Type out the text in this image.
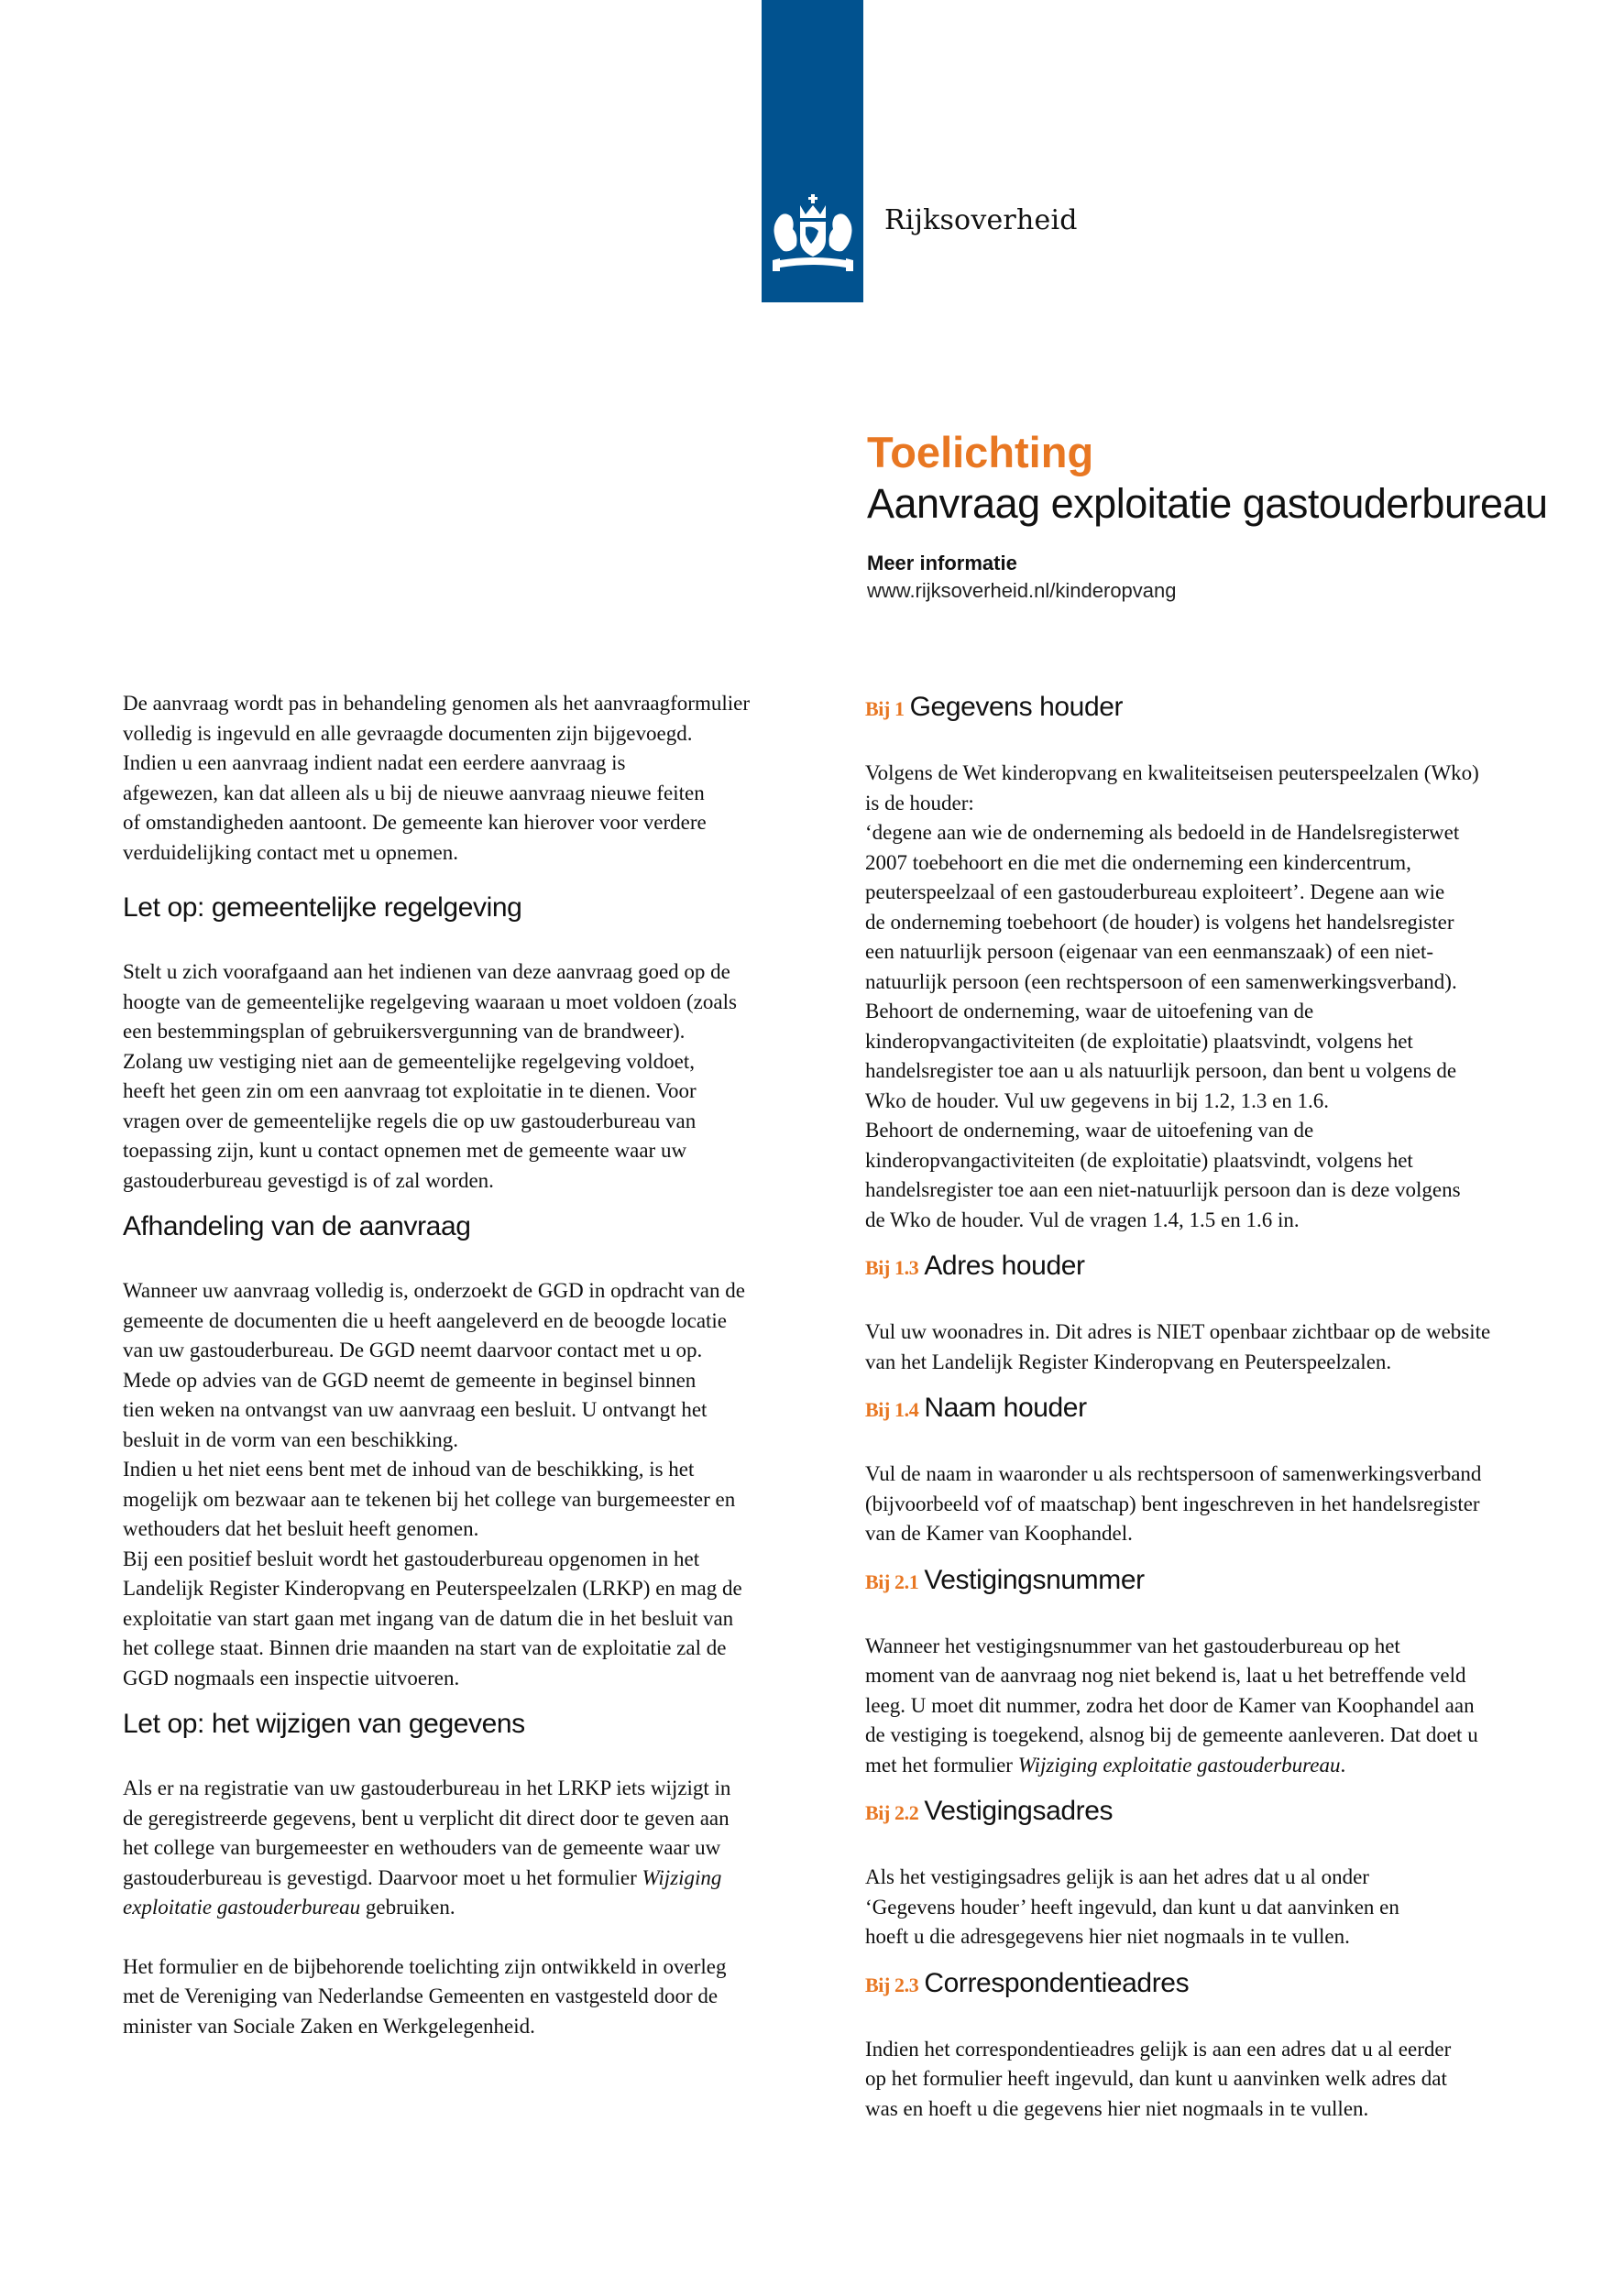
Rijksoverheid
Toelichting
Aanvraag exploitatie gastouderbureau
Meer informatie
www.rijksoverheid.nl/kinderopvang

De aanvraag wordt pas in behandeling genomen als het aanvraagformulier
volledig is ingevuld en alle gevraagde documenten zijn bijgevoegd.
Indien u een aanvraag indient nadat een eerdere aanvraag is
afgewezen, kan dat alleen als u bij de nieuwe aanvraag nieuwe feiten
of omstandigheden aantoont. De gemeente kan hierover voor verdere
verduidelijking contact met u opnemen.

Let op: gemeentelijke regelgeving

Stelt u zich voorafgaand aan het indienen van deze aanvraag goed op de
hoogte van de gemeentelijke regelgeving waaraan u moet voldoen (zoals
een bestemmingsplan of gebruikersvergunning van de brandweer).
Zolang uw vestiging niet aan de gemeentelijke regelgeving voldoet,
heeft het geen zin om een aanvraag tot exploitatie in te dienen. Voor
vragen over de gemeentelijke regels die op uw gastouderbureau van
toepassing zijn, kunt u contact opnemen met de gemeente waar uw
gastouderbureau gevestigd is of zal worden.

Afhandeling van de aanvraag

Wanneer uw aanvraag volledig is, onderzoekt de GGD in opdracht van de
gemeente de documenten die u heeft aangeleverd en de beoogde locatie
van uw gastouderbureau. De GGD neemt daarvoor contact met u op.
Mede op advies van de GGD neemt de gemeente in beginsel binnen
tien weken na ontvangst van uw aanvraag een besluit. U ontvangt het
besluit in de vorm van een beschikking.
Indien u het niet eens bent met de inhoud van de beschikking, is het
mogelijk om bezwaar aan te tekenen bij het college van burgemeester en
wethouders dat het besluit heeft genomen.
Bij een positief besluit wordt het gastouderbureau opgenomen in het
Landelijk Register Kinderopvang en Peuterspeelzalen (LRKP) en mag de
exploitatie van start gaan met ingang van de datum die in het besluit van
het college staat. Binnen drie maanden na start van de exploitatie zal de
GGD nogmaals een inspectie uitvoeren.

Let op: het wijzigen van gegevens

Als er na registratie van uw gastouderbureau in het LRKP iets wijzigt in
de geregistreerde gegevens, bent u verplicht dit direct door te geven aan
het college van burgemeester en wethouders van de gemeente waar uw
gastouderbureau is gevestigd. Daarvoor moet u het formulier Wijziging
exploitatie gastouderbureau gebruiken.

Het formulier en de bijbehorende toelichting zijn ontwikkeld in overleg
met de Vereniging van Nederlandse Gemeenten en vastgesteld door de
minister van Sociale Zaken en Werkgelegenheid.

Bij 1 Gegevens houder

Volgens de Wet kinderopvang en kwaliteitseisen peuterspeelzalen (Wko)
is de houder:
‘degene aan wie de onderneming als bedoeld in de Handelsregisterwet
2007 toebehoort en die met die onderneming een kindercentrum,
peuterspeelzaal of een gastouderbureau exploiteert’. Degene aan wie
de onderneming toebehoort (de houder) is volgens het handelsregister
een natuurlijk persoon (eigenaar van een eenmanszaak) of een niet-
natuurlijk persoon (een rechtspersoon of een samenwerkingsverband).
Behoort de onderneming, waar de uitoefening van de
kinderopvangactiviteiten (de exploitatie) plaatsvindt, volgens het
handelsregister toe aan u als natuurlijk persoon, dan bent u volgens de
Wko de houder. Vul uw gegevens in bij 1.2, 1.3 en 1.6.
Behoort de onderneming, waar de uitoefening van de
kinderopvangactiviteiten (de exploitatie) plaatsvindt, volgens het
handelsregister toe aan een niet-natuurlijk persoon dan is deze volgens
de Wko de houder. Vul de vragen 1.4, 1.5 en 1.6 in.

Bij 1.3 Adres houder

Vul uw woonadres in. Dit adres is NIET openbaar zichtbaar op de website
van het Landelijk Register Kinderopvang en Peuterspeelzalen.

Bij 1.4 Naam houder

Vul de naam in waaronder u als rechtspersoon of samenwerkingsverband
(bijvoorbeeld vof of maatschap) bent ingeschreven in het handelsregister
van de Kamer van Koophandel.

Bij 2.1 Vestigingsnummer

Wanneer het vestigingsnummer van het gastouderbureau op het
moment van de aanvraag nog niet bekend is, laat u het betreffende veld
leeg. U moet dit nummer, zodra het door de Kamer van Koophandel aan
de vestiging is toegekend, alsnog bij de gemeente aanleveren. Dat doet u
met het formulier Wijziging exploitatie gastouderbureau.

Bij 2.2 Vestigingsadres

Als het vestigingsadres gelijk is aan het adres dat u al onder
‘Gegevens houder’ heeft ingevuld, dan kunt u dat aanvinken en
hoeft u die adresgegevens hier niet nogmaals in te vullen.

Bij 2.3 Correspondentieadres

Indien het correspondentieadres gelijk is aan een adres dat u al eerder
op het formulier heeft ingevuld, dan kunt u aanvinken welk adres dat
was en hoeft u die gegevens hier niet nogmaals in te vullen.
